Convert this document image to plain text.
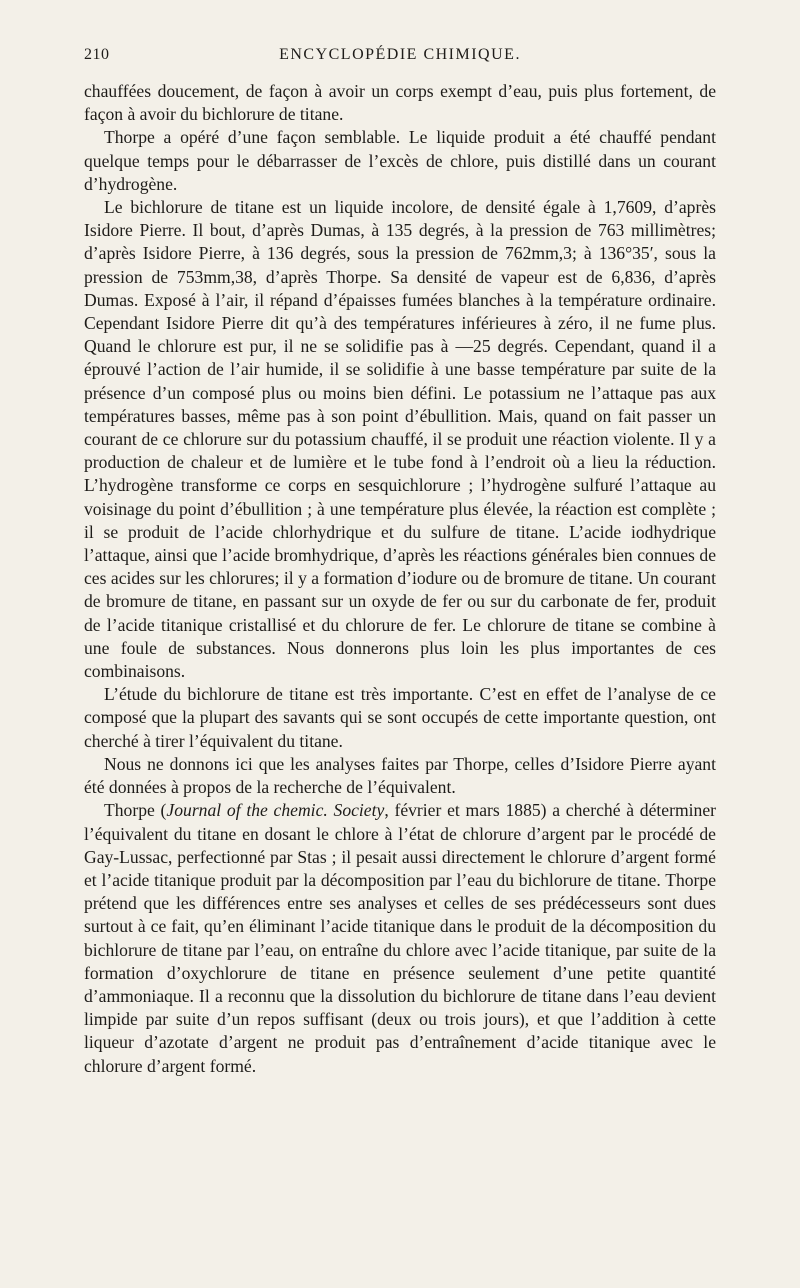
210	ENCYCLOPÉDIE CHIMIQUE.

chauffées doucement, de façon à avoir un corps exempt d’eau, puis plus fortement, de façon à avoir du bichlorure de titane.

Thorpe a opéré d’une façon semblable. Le liquide produit a été chauffé pendant quelque temps pour le débarrasser de l’excès de chlore, puis distillé dans un courant d’hydrogène.

Le bichlorure de titane est un liquide incolore, de densité égale à 1,7609, d’après Isidore Pierre. Il bout, d’après Dumas, à 135 degrés, à la pression de 763 millimètres; d’après Isidore Pierre, à 136 degrés, sous la pression de 762mm,3; à 136°35′, sous la pression de 753mm,38, d’après Thorpe. Sa densité de vapeur est de 6,836, d’après Dumas. Exposé à l’air, il répand d’épaisses fumées blanches à la température ordinaire. Cependant Isidore Pierre dit qu’à des températures inférieures à zéro, il ne fume plus. Quand le chlorure est pur, il ne se solidifie pas à —25 degrés. Cependant, quand il a éprouvé l’action de l’air humide, il se solidifie à une basse température par suite de la présence d’un composé plus ou moins bien défini. Le potassium ne l’attaque pas aux températures basses, même pas à son point d’ébullition. Mais, quand on fait passer un courant de ce chlorure sur du potassium chauffé, il se produit une réaction violente. Il y a production de chaleur et de lumière et le tube fond à l’endroit où a lieu la réduction. L’hydrogène transforme ce corps en sesquichlorure ; l’hydrogène sulfuré l’attaque au voisinage du point d’ébullition ; à une température plus élevée, la réaction est complète ; il se produit de l’acide chlorhydrique et du sulfure de titane. L’acide iodhydrique l’attaque, ainsi que l’acide bromhydrique, d’après les réactions générales bien connues de ces acides sur les chlorures; il y a formation d’iodure ou de bromure de titane. Un courant de bromure de titane, en passant sur un oxyde de fer ou sur du carbonate de fer, produit de l’acide titanique cristallisé et du chlorure de fer. Le chlorure de titane se combine à une foule de substances. Nous donnerons plus loin les plus importantes de ces combinaisons.

L’étude du bichlorure de titane est très importante. C’est en effet de l’analyse de ce composé que la plupart des savants qui se sont occupés de cette importante question, ont cherché à tirer l’équivalent du titane.

Nous ne donnons ici que les analyses faites par Thorpe, celles d’Isidore Pierre ayant été données à propos de la recherche de l’équivalent.

Thorpe (Journal of the chemic. Society, février et mars 1885) a cherché à déterminer l’équivalent du titane en dosant le chlore à l’état de chlorure d’argent par le procédé de Gay-Lussac, perfectionné par Stas ; il pesait aussi directement le chlorure d’argent formé et l’acide titanique produit par la décomposition par l’eau du bichlorure de titane. Thorpe prétend que les différences entre ses analyses et celles de ses prédécesseurs sont dues surtout à ce fait, qu’en éliminant l’acide titanique dans le produit de la décomposition du bichlorure de titane par l’eau, on entraîne du chlore avec l’acide titanique, par suite de la formation d’oxychlorure de titane en présence seulement d’une petite quantité d’ammoniaque. Il a reconnu que la dissolution du bichlorure de titane dans l’eau devient limpide par suite d’un repos suffisant (deux ou trois jours), et que l’addition à cette liqueur d’azotate d’argent ne produit pas d’entraînement d’acide titanique avec le chlorure d’argent formé.
